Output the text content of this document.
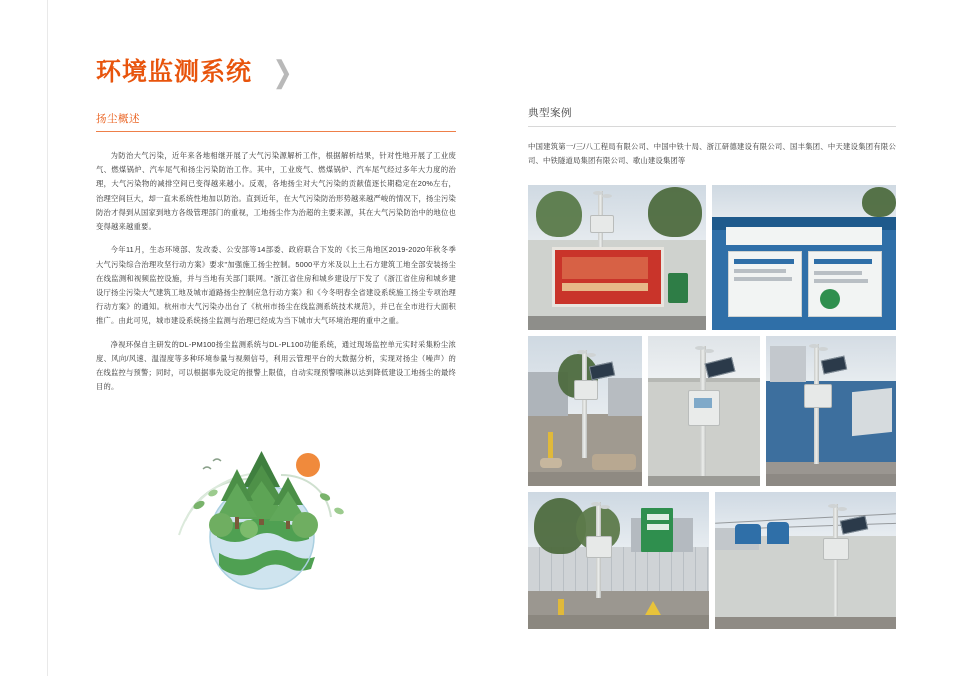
环境监测系统 ❯
扬尘概述

为防治大气污染，近年来各地相继开展了大气污染源解析工作，根据解析结果，针对性地开展了工业废气、燃煤锅炉、汽车尾气和扬尘污染防治工作。其中，工业废气、燃煤锅炉、汽车尾气经过多年大力度的治理，大气污染物的减排空间已变得越来越小。反观，各地扬尘对大气污染的贡献值逐长期稳定在20%左右，治理空间巨大，却一直未系统性地加以防治。直到近年，在大气污染防治形势越来越严峻的情况下，扬尘污染防治才得到从国家到地方各级管理部门的重视，工地扬尘作为治超的主要来源，其在大气污染防治中的地位也变得越来越重要。

今年11月，生态环境部、发改委、公安部等14部委、政府联合下发的《长三角地区2019-2020年秋冬季大气污染综合治理攻坚行动方案》要求"加强施工扬尘控制。5000平方米及以上土石方建筑工地全部安装扬尘在线监测和视频监控设施，并与当地有关部门联网。"浙江省住房和城乡建设厅下发了《浙江省住房和城乡建设厅扬尘污染大气建筑工地及城市道路扬尘控制应急行动方案》和《今冬明春全省建设系统施工扬尘专项治理行动方案》的通知。杭州市大气污染办出台了《杭州市扬尘在线监测系统技术规范》，并已在全市进行大面积推广。由此可见，城市建设系统扬尘监测与治理已经成为当下城市大气环境治理的重中之重。

净视环保自主研发的DL-PM100扬尘监测系统与DL-PL100功能系统，通过现场监控单元实时采集粉尘浓度、风向/风速、温湿度等多种环境参量与视频信号，利用云管理平台的大数据分析，实现对扬尘（噪声）的在线监控与预警；同时，可以根据事先设定的报警上限值，自动实现预警喷淋以达到降低建设工地扬尘的最终目的。

典型案例
中国建筑第一/三/八工程局有限公司、中国中铁十局、浙江研德建设有限公司、国丰集团、中天建设集团有限公司、中铁隧道局集团有限公司、歌山建设集团等
